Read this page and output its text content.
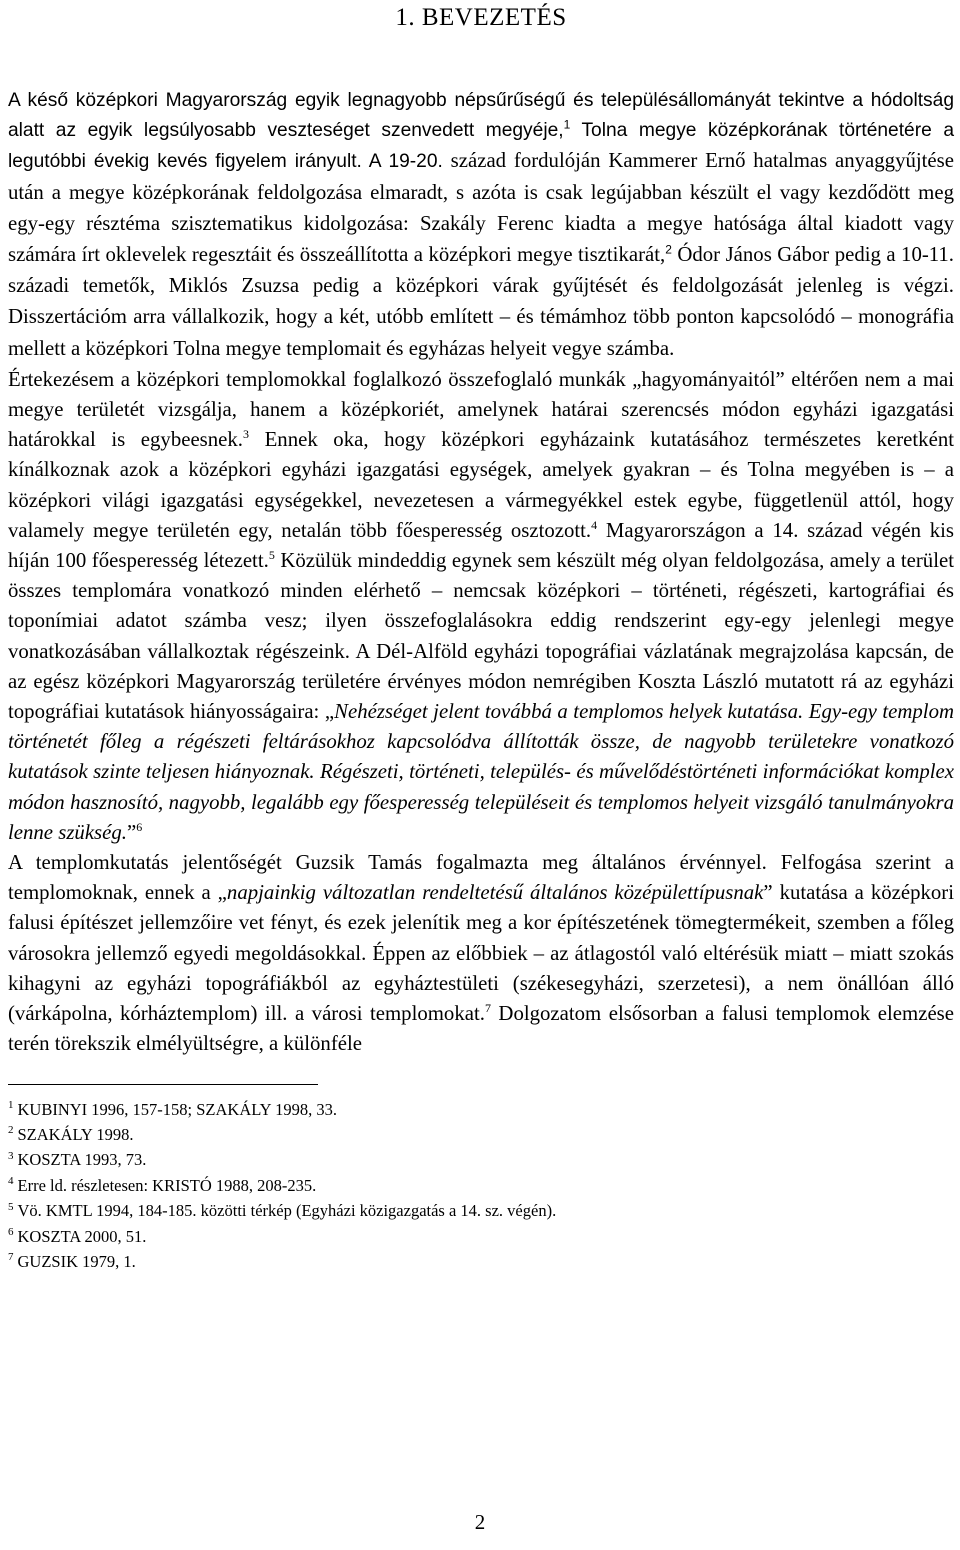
1. BEVEZETÉS

A késő középkori Magyarország egyik legnagyobb népsűrűségű és településállományát tekintve a hódoltság alatt az egyik legsúlyosabb veszteséget szenvedett megyéje,$^1$ Tolna megye középkorának történetére a legutóbbi évekig kevés figyelem irányult. A 19-20. század fordulóján Kammerer Ernő hatalmas anyaggyűjtése után a megye középkorának feldolgozása elmaradt, s azóta is csak legújabban készült el vagy kezdődött meg egy-egy résztéma szisztematikus kidolgozása: Szakály Ferenc kiadta a megye hatósága által kiadott vagy számára írt oklevelek regesztáit és összeállította a középkori megye tisztikarát,$^2$ Ódor János Gábor pedig a 10-11. századi temetők, Miklós Zsuzsa pedig a középkori várak gyűjtését és feldolgozását jelenleg is végzi. Disszertációm arra vállalkozik, hogy a két, utóbb említett – és témámhoz több ponton kapcsolódó – monográfia mellett a középkori Tolna megye templomait és egyházas helyeit vegye számba.

Értekezésem a középkori templomokkal foglalkozó összefoglaló munkák „hagyományaitól” eltérően nem a mai megye területét vizsgálja, hanem a középkoriét, amelynek határai szerencsés módon egyházi igazgatási határokkal is egybeesnek.$^3$ Ennek oka, hogy középkori egyházaink kutatásához természetes keretként kínálkoznak azok a középkori egyházi igazgatási egységek, amelyek gyakran – és Tolna megyében is – a középkori világi igazgatási egységekkel, nevezetesen a vármegyékkel estek egybe, függetlenül attól, hogy valamely megye területén egy, netalán több főesperesség osztozott.$^4$ Magyarországon a 14. század végén kis híján 100 főesperesség létezett.$^5$ Közülük mindeddig egynek sem készült még olyan feldolgozása, amely a terület összes templomára vonatkozó minden elérhető – nemcsak középkori – történeti, régészeti, kartográfiai és toponímiai adatot számba vesz; ilyen összefoglalásokra eddig rendszerint egy-egy jelenlegi megye vonatkozásában vállalkoztak régészeink. A Dél-Alföld egyházi topográfiai vázlatának megrajzolása kapcsán, de az egész középkori Magyarország területére érvényes módon nemrégiben Koszta László mutatott rá az egyházi topográfiai kutatások hiányosságaira: „Nehézséget jelent továbbá a templomos helyek kutatása. Egy-egy templom történetét főleg a régészeti feltárásokhoz kapcsolódva állították össze, de nagyobb területekre vonatkozó kutatások szinte teljesen hiányoznak. Régészeti, történeti, település- és művelődéstörténeti információkat komplex módon hasznosító, nagyobb, legalább egy főesperesség településeit és templomos helyeit vizsgáló tanulmányokra lenne szükség.”$^6$

A templomkutatás jelentőségét Guzsik Tamás fogalmazta meg általános érvénnyel. Felfogása szerint a templomoknak, ennek a „napjainkig változatlan rendeltetésű általános középülettípusnak” kutatása a középkori falusi építészet jellemzőire vet fényt, és ezek jelenítik meg a kor építészetének tömegtermékeit, szemben a főleg városokra jellemző egyedi megoldásokkal. Éppen az előbbiek – az átlagostól való eltérésük miatt – miatt szokás kihagyni az egyházi topográfiákból az egyháztestületi (székesegyházi, szerzetesi), a nem önállóan álló (várkápolna, kórháztemplom) ill. a városi templomokat.$^7$ Dolgozatom elsősorban a falusi templomok elemzése terén törekszik elmélyültségre, a különféle

$^1$ KUBINYI 1996, 157-158; SZAKÁLY 1998, 33.
$^2$ SZAKÁLY 1998.
$^3$ KOSZTA 1993, 73.
$^4$ Erre ld. részletesen: KRISTÓ 1988, 208-235.
$^5$ Vö. KMTL 1994, 184-185. közötti térkép (Egyházi közigazgatás a 14. sz. végén).
$^6$ KOSZTA 2000, 51.
$^7$ GUZSIK 1979, 1.
2
